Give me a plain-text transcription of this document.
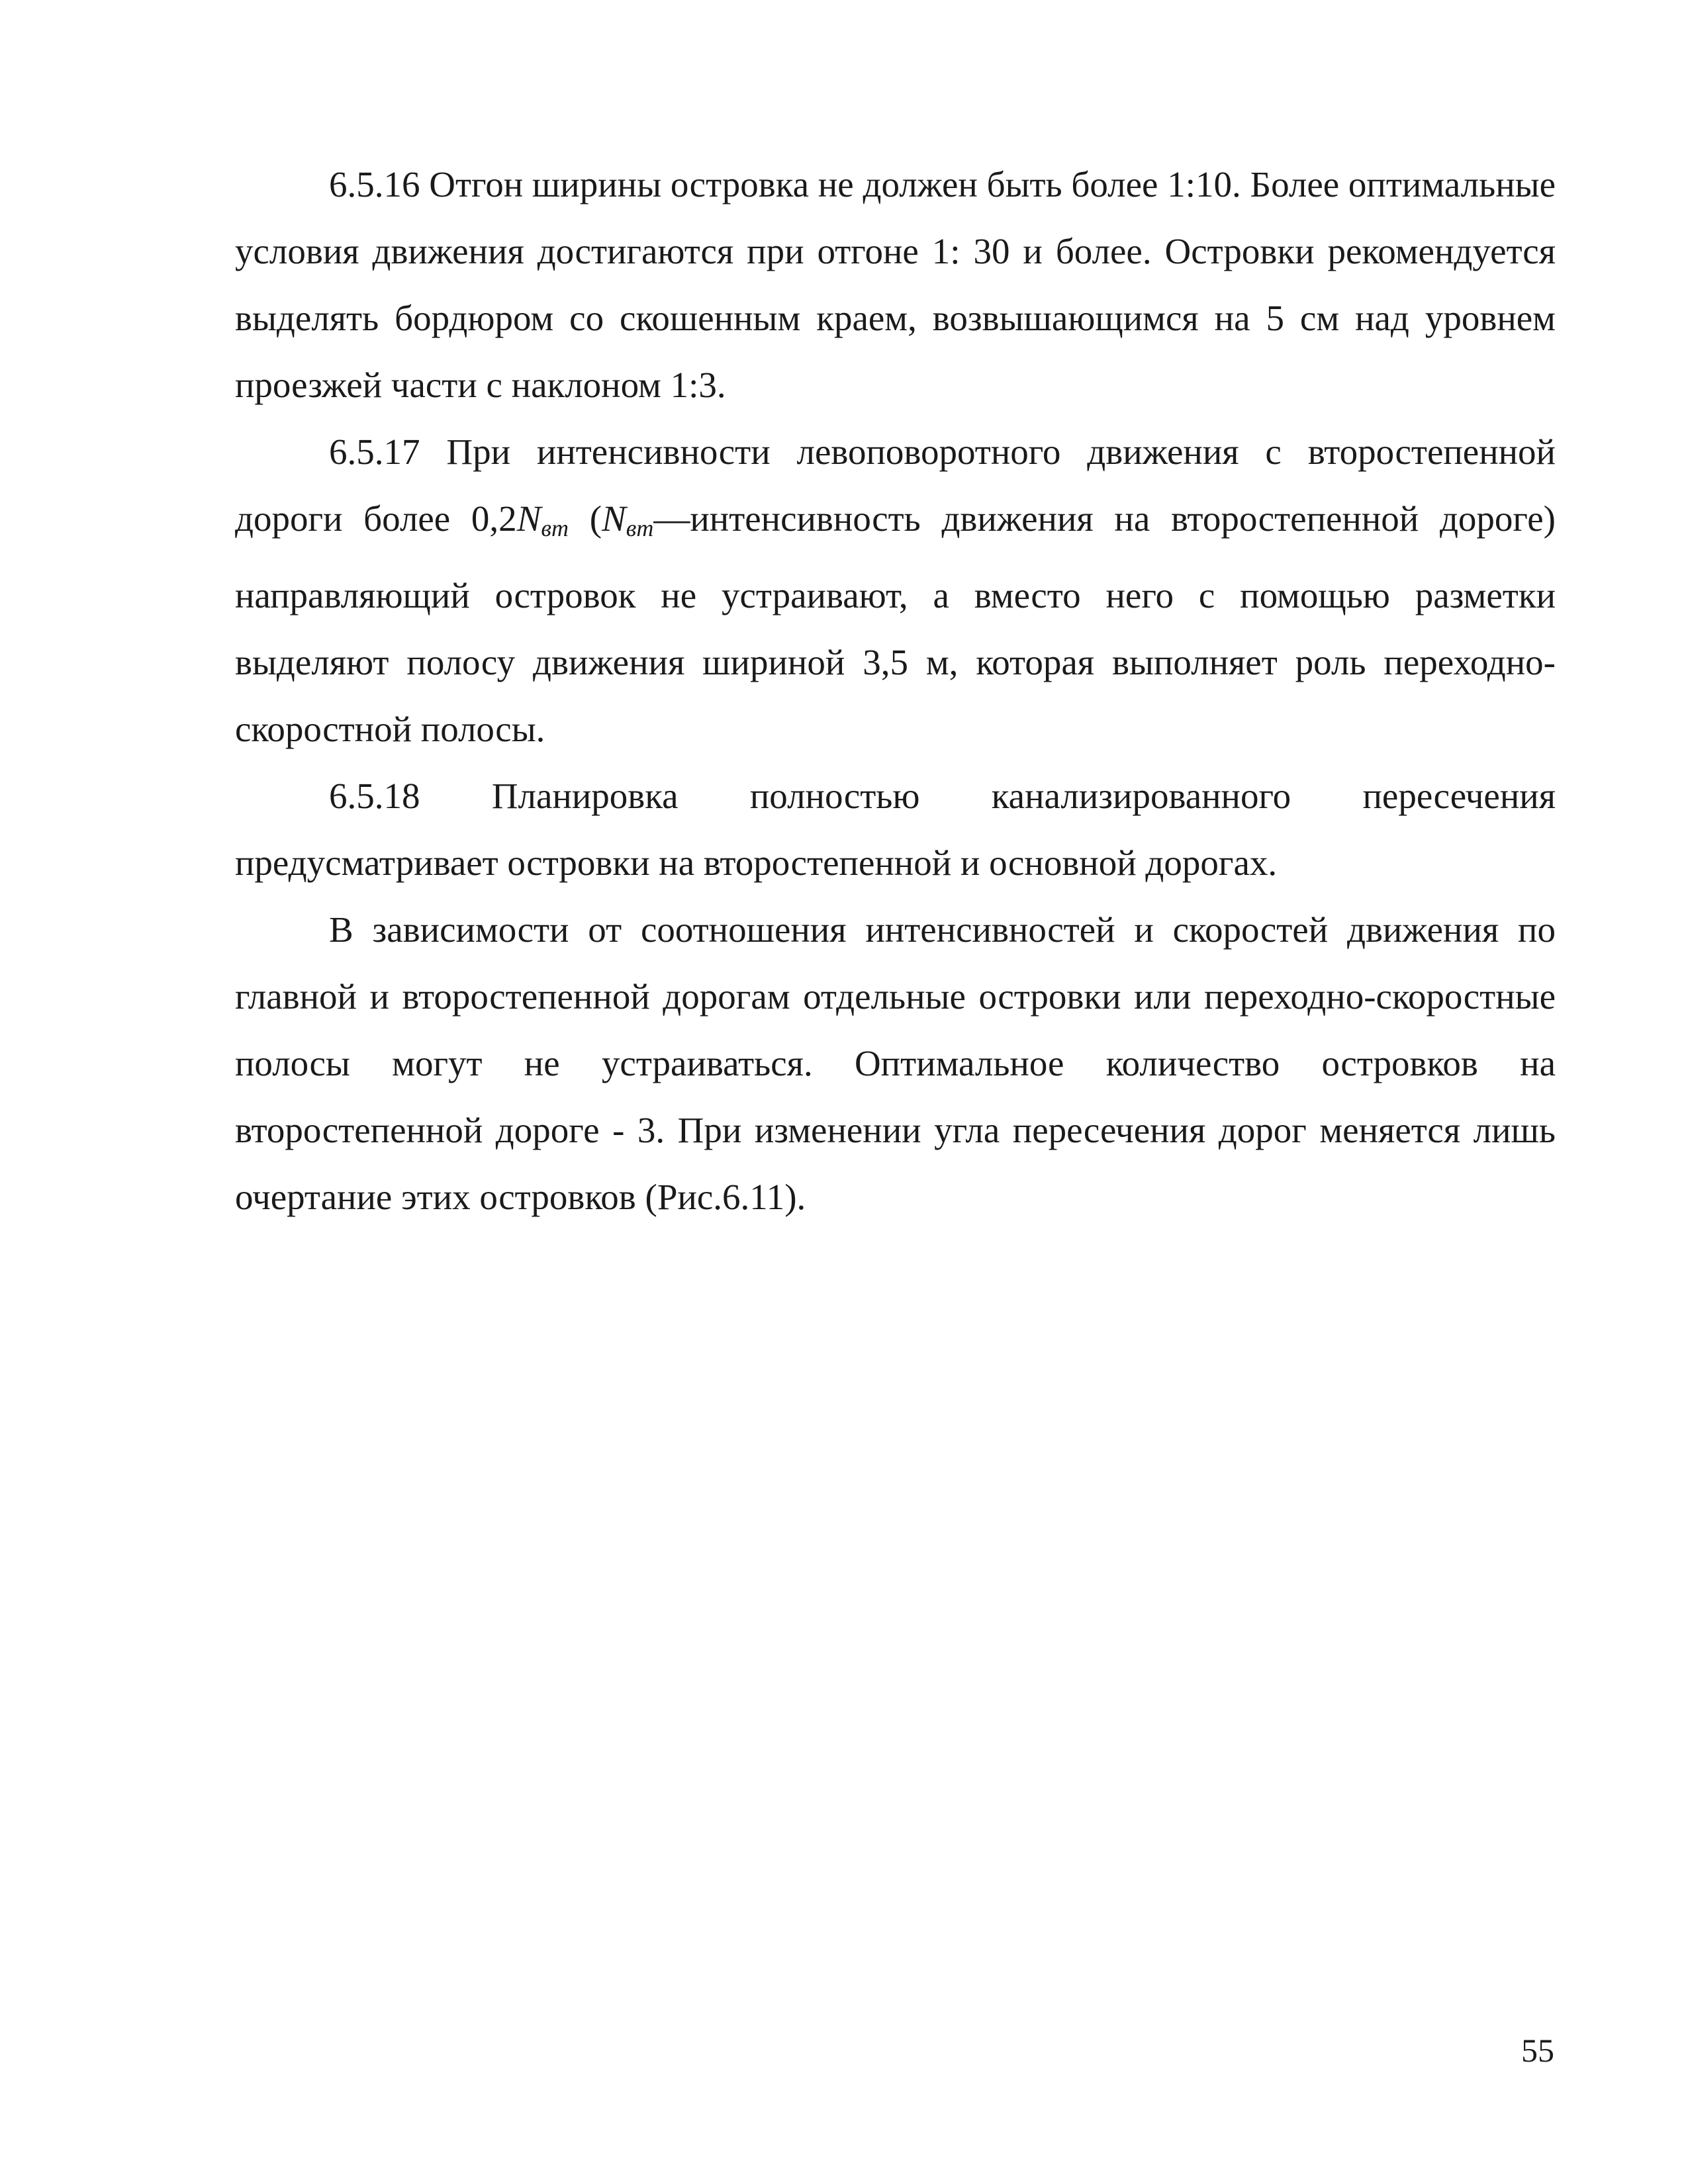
6.5.16 Отгон ширины островка не должен быть более 1:10. Более оптимальные условия движения достигаются при отгоне 1: 30 и более. Островки рекомендуется выделять бордюром со скошенным краем, возвышающимся на 5 см над уровнем проезжей части с наклоном 1:3.

6.5.17 При интенсивности левоповоротного движения с второстепенной дороги более $0,2N_{вт}$ ($N_{вт}—интенсивность$ движения на второстепенной дороге) направляющий островок не устраивают, а вместо него с помощью разметки выделяют полосу движения шириной 3,5 м, которая выполняет роль переходно-скоростной полосы.

6.5.18 Планировка полностью канализированного пересечения предусматривает островки на второстепенной и основной дорогах.

В зависимости от соотношения интенсивностей и скоростей движения по главной и второстепенной дорогам отдельные островки или переходно-скоростные полосы могут не устраиваться. Оптимальное количество островков на второстепенной дороге - 3. При изменении угла пересечения дорог меняется лишь очертание этих островков (Рис.6.11).

55
